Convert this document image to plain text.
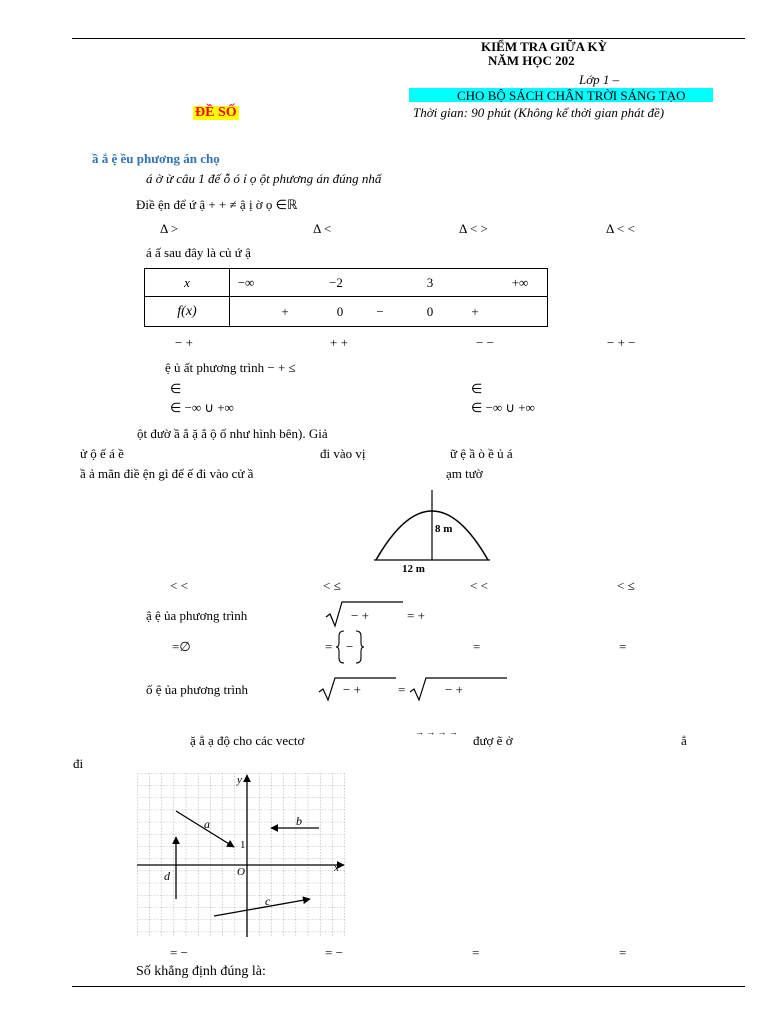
KIỂM TRA GIỮA KỲ
NĂM HỌC 202
Lớp 1 –
CHO BỘ SÁCH CHÂN TRỜI SÁNG TẠO
ĐỀ SỐ	Thời gian: 90 phút (Không kể thời gian phát đề)
ầ ắ ệ ều phương án chọ
á ờ ừ câu 1 đế ỗ ó ỉ ọ ột phương án đúng nhấ
Điề ện để ứ ậ + + ≠ ậ ị ờ ọ ∈ℝ
Δ >	Δ <	Δ < >	Δ < <
á ấ sau đây là củ ứ ậ
x	−∞ −2 3 +∞

f(x)	+ 0 − 0 +
− +	+ +	− −	− + −
ệ ủ ất phương trình − + ≤
∈	∈
∈ −∞ ∪ +∞	∈ −∞ ∪ +∞
ột đườ ầ ắ ặ ắ ộ ố như hình bên). Giả
ử ộ ế á ề	đi vào vị	ữ ệ ầ ò ề ủ á
ầ ả mãn điề ện gì để ế đi vào cử ầ	ạm tườ
8 m
12 m
< <	< ≤	< <	< ≤
ậ ệ ủa phương trình	− +	= +
=∅	= −	=	=
ố ệ ủa phương trình	− +	=	− +
ặ ẳ ạ độ cho các vectơ
→ → → →
đượ ẽ ở	ẳ
đi
x
y
O
1
a	b
c
d
= −	= −	=	=
Số khẳng định đúng là:
